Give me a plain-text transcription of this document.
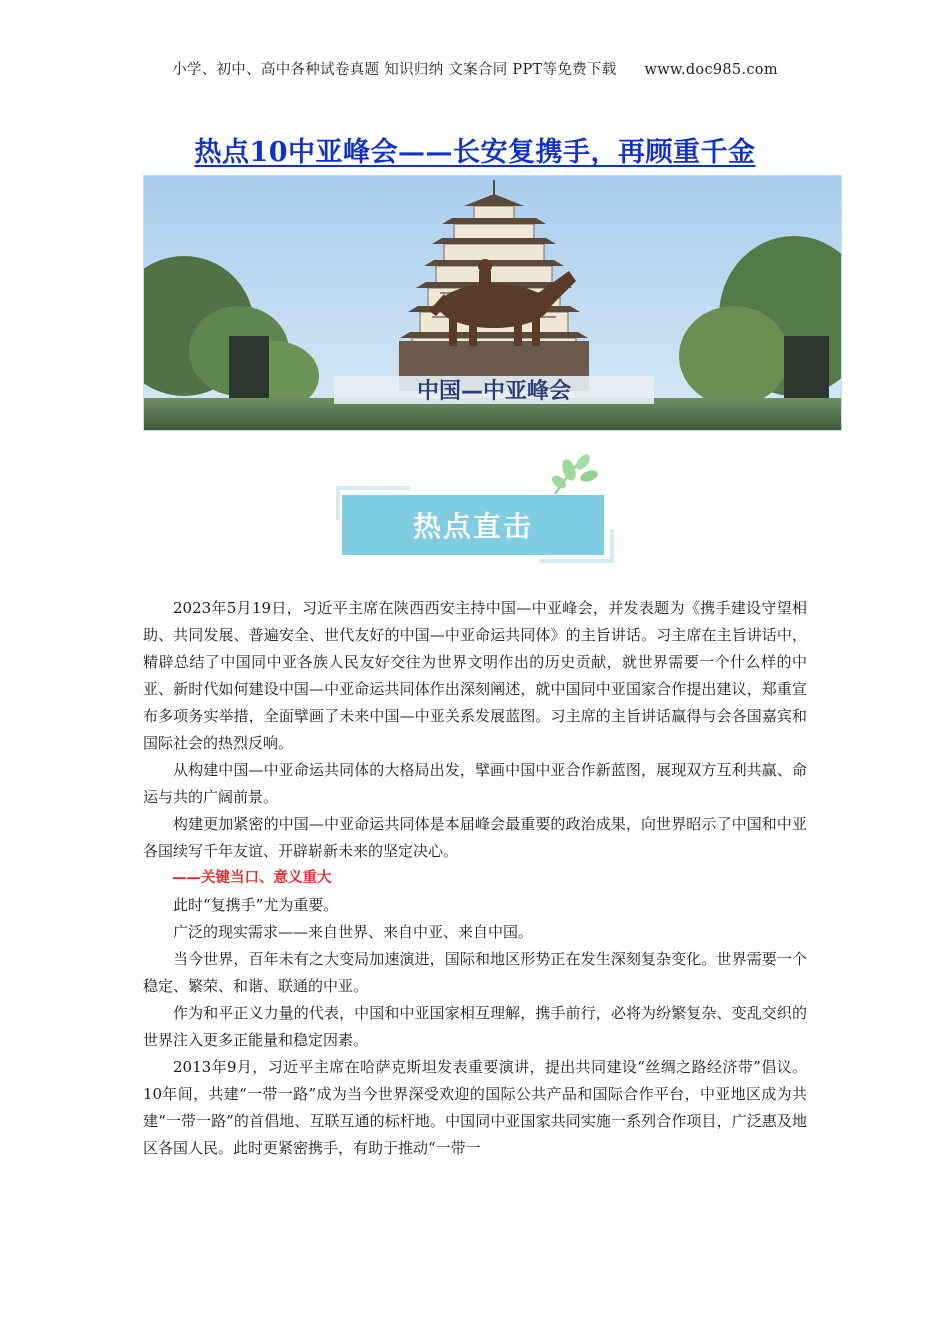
小学、初中、高中各种试卷真题 知识归纳 文案合同 PPT等免费下载 www.doc985.com
热点10中亚峰会——长安复携手，再顾重千金
中国—中亚峰会
热点直击

2023年5月19日，习近平主席在陕西西安主持中国—中亚峰会，并发表题为《携手建设守望相助、共同发展、普遍安全、世代友好的中国—中亚命运共同体》的主旨讲话。习主席在主旨讲话中，精辟总结了中国同中亚各族人民友好交往为世界文明作出的历史贡献，就世界需要一个什么样的中亚、新时代如何建设中国—中亚命运共同体作出深刻阐述，就中国同中亚国家合作提出建议，郑重宣布多项务实举措，全面擘画了未来中国—中亚关系发展蓝图。习主席的主旨讲话赢得与会各国嘉宾和国际社会的热烈反响。

从构建中国—中亚命运共同体的大格局出发，擘画中国中亚合作新蓝图，展现双方互利共赢、命运与共的广阔前景。

构建更加紧密的中国—中亚命运共同体是本届峰会最重要的政治成果，向世界昭示了中国和中亚各国续写千年友谊、开辟崭新未来的坚定决心。

——关键当口、意义重大

此时“复携手”尤为重要。

广泛的现实需求——来自世界、来自中亚、来自中国。

当今世界，百年未有之大变局加速演进，国际和地区形势正在发生深刻复杂变化。世界需要一个稳定、繁荣、和谐、联通的中亚。

作为和平正义力量的代表，中国和中亚国家相互理解，携手前行，必将为纷繁复杂、变乱交织的世界注入更多正能量和稳定因素。

2013年9月，习近平主席在哈萨克斯坦发表重要演讲，提出共同建设“丝绸之路经济带”倡议。10年间，共建“一带一路”成为当今世界深受欢迎的国际公共产品和国际合作平台，中亚地区成为共建“一带一路”的首倡地、互联互通的标杆地。中国同中亚国家共同实施一系列合作项目，广泛惠及地区各国人民。此时更紧密携手，有助于推动“一带一
